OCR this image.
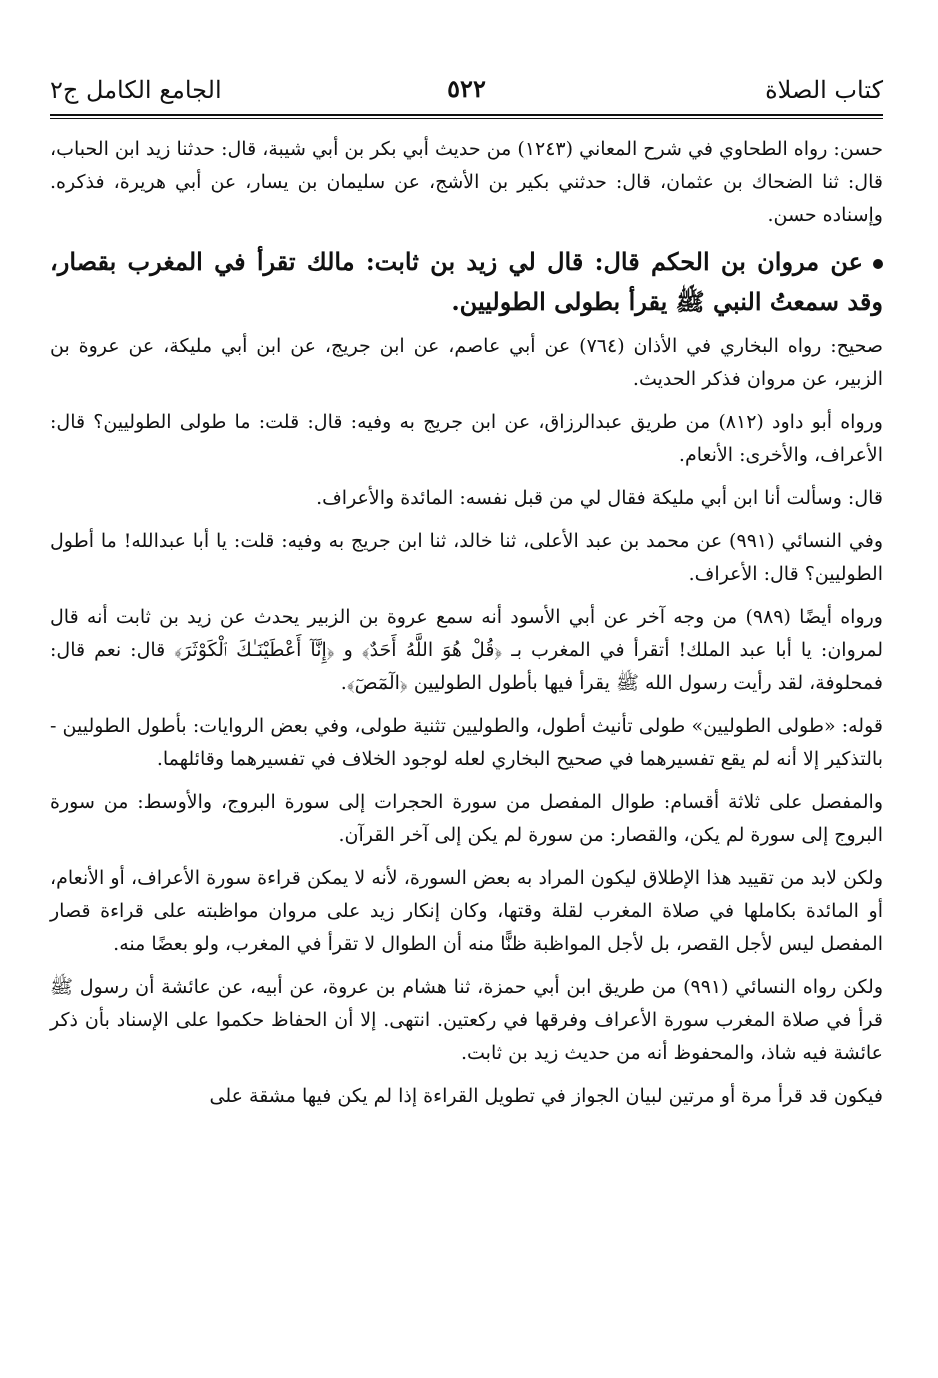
كتاب الصلاة
٥٢٢
الجامع الكامل ج٢

حسن: رواه الطحاوي في شرح المعاني (١٢٤٣) من حديث أبي بكر بن أبي شيبة، قال: حدثنا زيد ابن الحباب، قال: ثنا الضحاك بن عثمان، قال: حدثني بكير بن الأشج، عن سليمان بن يسار، عن أبي هريرة، فذكره. وإسناده حسن.

عن مروان بن الحكم قال: قال لي زيد بن ثابت: مالك تقرأ في المغرب بقصار، وقد سمعتُ النبي ﷺ يقرأ بطولى الطوليين.

صحيح: رواه البخاري في الأذان (٧٦٤) عن أبي عاصم، عن ابن جريج، عن ابن أبي مليكة، عن عروة بن الزبير، عن مروان فذكر الحديث.

ورواه أبو داود (٨١٢) من طريق عبدالرزاق، عن ابن جريج به وفيه: قال: قلت: ما طولى الطوليين؟ قال: الأعراف، والأخرى: الأنعام.

قال: وسألت أنا ابن أبي مليكة فقال لي من قبل نفسه: المائدة والأعراف.

وفي النسائي (٩٩١) عن محمد بن عبد الأعلى، ثنا خالد، ثنا ابن جريج به وفيه: قلت: يا أبا عبدالله! ما أطول الطوليين؟ قال: الأعراف.

ورواه أيضًا (٩٨٩) من وجه آخر عن أبي الأسود أنه سمع عروة بن الزبير يحدث عن زيد بن ثابت أنه قال لمروان: يا أبا عبد الملك! أتقرأ في المغرب بـ ﴿قُلْ هُوَ اللَّهُ أَحَدٌ﴾ و ﴿إِنَّآ أَعْطَيْنَـٰكَ ٱلْكَوْثَرَ﴾ قال: نعم قال: فمحلوفة، لقد رأيت رسول الله ﷺ يقرأ فيها بأطول الطوليين ﴿الٓمٓصٓ﴾.

قوله: «طولى الطوليين» طولى تأنيث أطول، والطوليين تثنية طولى، وفي بعض الروايات: بأطول الطوليين - بالتذكير إلا أنه لم يقع تفسيرهما في صحيح البخاري لعله لوجود الخلاف في تفسيرهما وقائلهما.

والمفصل على ثلاثة أقسام: طوال المفصل من سورة الحجرات إلى سورة البروج، والأوسط: من سورة البروج إلى سورة لم يكن، والقصار: من سورة لم يكن إلى آخر القرآن.

ولكن لابد من تقييد هذا الإطلاق ليكون المراد به بعض السورة، لأنه لا يمكن قراءة سورة الأعراف، أو الأنعام، أو المائدة بكاملها في صلاة المغرب لقلة وقتها، وكان إنكار زيد على مروان مواظبته على قراءة قصار المفصل ليس لأجل القصر، بل لأجل المواظبة ظنًّا منه أن الطوال لا تقرأ في المغرب، ولو بعضًا منه.

ولكن رواه النسائي (٩٩١) من طريق ابن أبي حمزة، ثنا هشام بن عروة، عن أبيه، عن عائشة أن رسول ﷺ قرأ في صلاة المغرب سورة الأعراف وفرقها في ركعتين. انتهى. إلا أن الحفاظ حكموا على الإسناد بأن ذكر عائشة فيه شاذ، والمحفوظ أنه من حديث زيد بن ثابت.

فيكون قد قرأ مرة أو مرتين لبيان الجواز في تطويل القراءة إذا لم يكن فيها مشقة على
